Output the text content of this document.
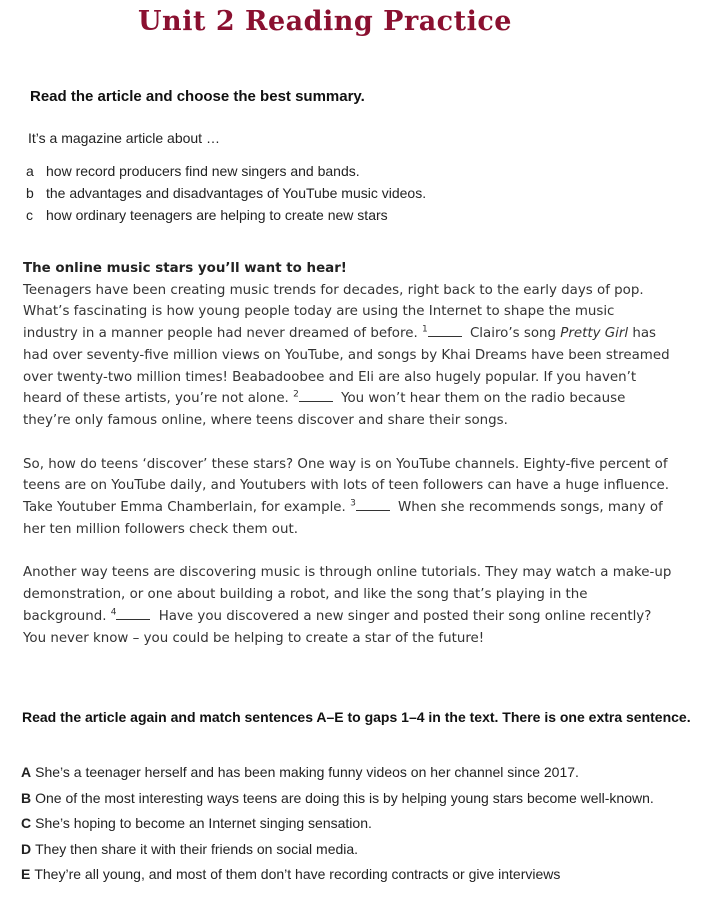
Unit 2 Reading Practice

Read the article and choose the best summary.

It’s a magazine article about …

a how record producers find new singers and bands.
b the advantages and disadvantages of YouTube music videos.
c how ordinary teenagers are helping to create new stars
The online music stars you’ll want to hear!

Teenagers have been creating music trends for decades, right back to the early days of pop. What’s fascinating is how young people today are using the Internet to shape the music industry in a manner people had never dreamed of before. $^1$	Clairo’s song Pretty Girl has had over seventy-five million views on YouTube, and songs by Khai Dreams have been streamed over twenty-two million times! Beabadoobee and Eli are also hugely popular. If you haven’t heard of these artists, you’re not alone. $^2$	You won’t hear them on the radio because they’re only famous online, where teens discover and share their songs.

So, how do teens ‘discover’ these stars? One way is on YouTube channels. Eighty-five percent of teens are on YouTube daily, and Youtubers with lots of teen followers can have a huge influence. Take Youtuber Emma Chamberlain, for example. $^3$	When she recommends songs, many of her ten million followers check them out.

Another way teens are discovering music is through online tutorials. They may watch a make-up demonstration, or one about building a robot, and like the song that’s playing in the background. $^4$	Have you discovered a new singer and posted their song online recently? You never know – you could be helping to create a star of the future!

Read the article again and match sentences A–E to gaps 1–4 in the text. There is one extra sentence.

A She’s a teenager herself and has been making funny videos on her channel since 2017.
B One of the most interesting ways teens are doing this is by helping young stars become well-known.
C She’s hoping to become an Internet singing sensation.
D They then share it with their friends on social media.
E They’re all young, and most of them don’t have recording contracts or give interviews
